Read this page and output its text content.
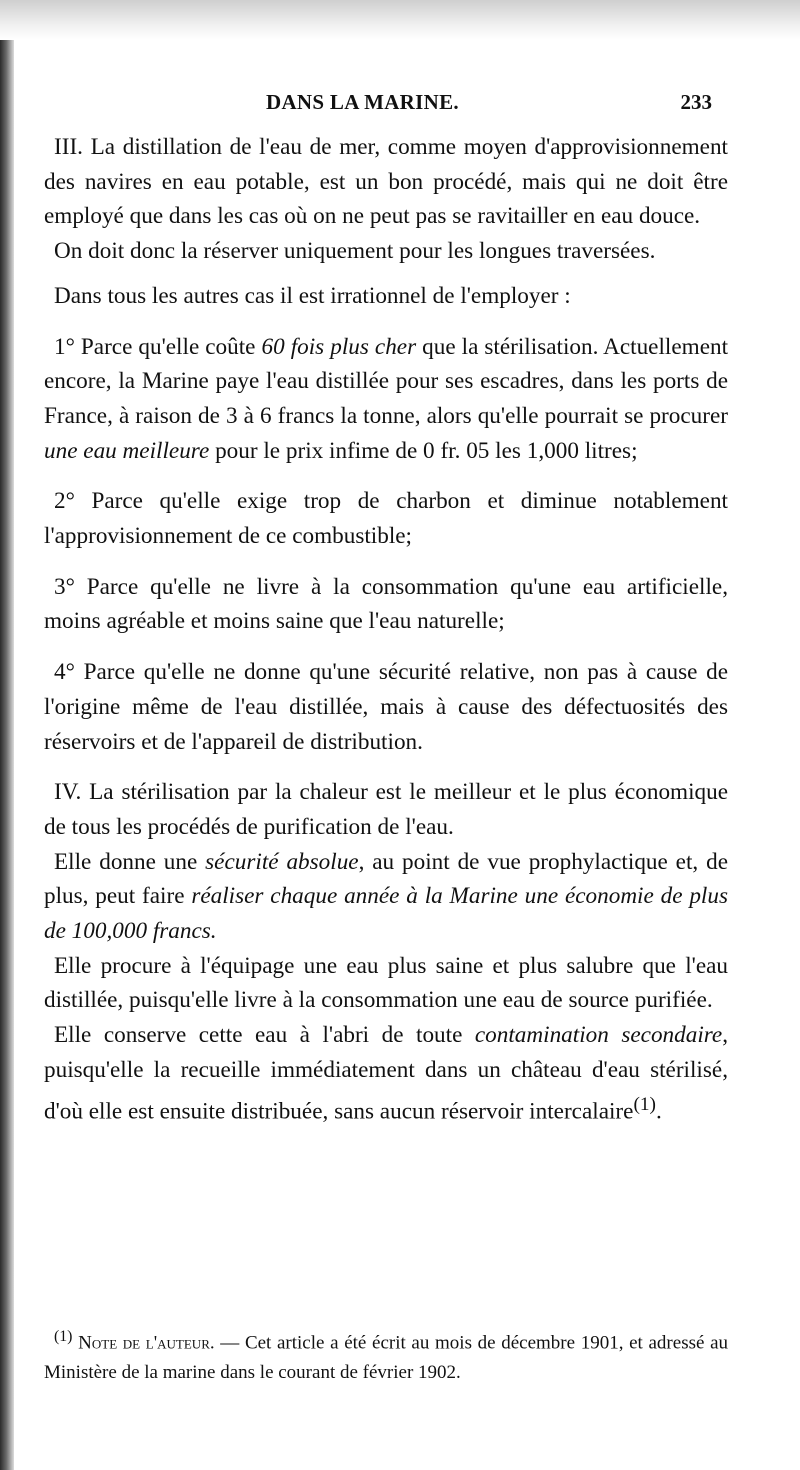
DANS LA MARINE.	233

III. La distillation de l'eau de mer, comme moyen d'approvisionnement des navires en eau potable, est un bon procédé, mais qui ne doit être employé que dans les cas où on ne peut pas se ravitailler en eau douce.

On doit donc la réserver uniquement pour les longues traversées.

Dans tous les autres cas il est irrationnel de l'employer :

1° Parce qu'elle coûte 60 fois plus cher que la stérilisation. Actuellement encore, la Marine paye l'eau distillée pour ses escadres, dans les ports de France, à raison de 3 à 6 francs la tonne, alors qu'elle pourrait se procurer une eau meilleure pour le prix infime de 0 fr. 05 les 1,000 litres;

2° Parce qu'elle exige trop de charbon et diminue notablement l'approvisionnement de ce combustible;

3° Parce qu'elle ne livre à la consommation qu'une eau artificielle, moins agréable et moins saine que l'eau naturelle;

4° Parce qu'elle ne donne qu'une sécurité relative, non pas à cause de l'origine même de l'eau distillée, mais à cause des défectuosités des réservoirs et de l'appareil de distribution.

IV. La stérilisation par la chaleur est le meilleur et le plus économique de tous les procédés de purification de l'eau.

Elle donne une sécurité absolue, au point de vue prophylactique et, de plus, peut faire réaliser chaque année à la Marine une économie de plus de 100,000 francs.

Elle procure à l'équipage une eau plus saine et plus salubre que l'eau distillée, puisqu'elle livre à la consommation une eau de source purifiée.

Elle conserve cette eau à l'abri de toute contamination secondaire, puisqu'elle la recueille immédiatement dans un château d'eau stérilisé, d'où elle est ensuite distribuée, sans aucun réservoir intercalaire$^{(1)}$.

$^{(1)}$ Note de l'auteur. — Cet article a été écrit au mois de décembre 1901, et adressé au Ministère de la marine dans le courant de février 1902.
